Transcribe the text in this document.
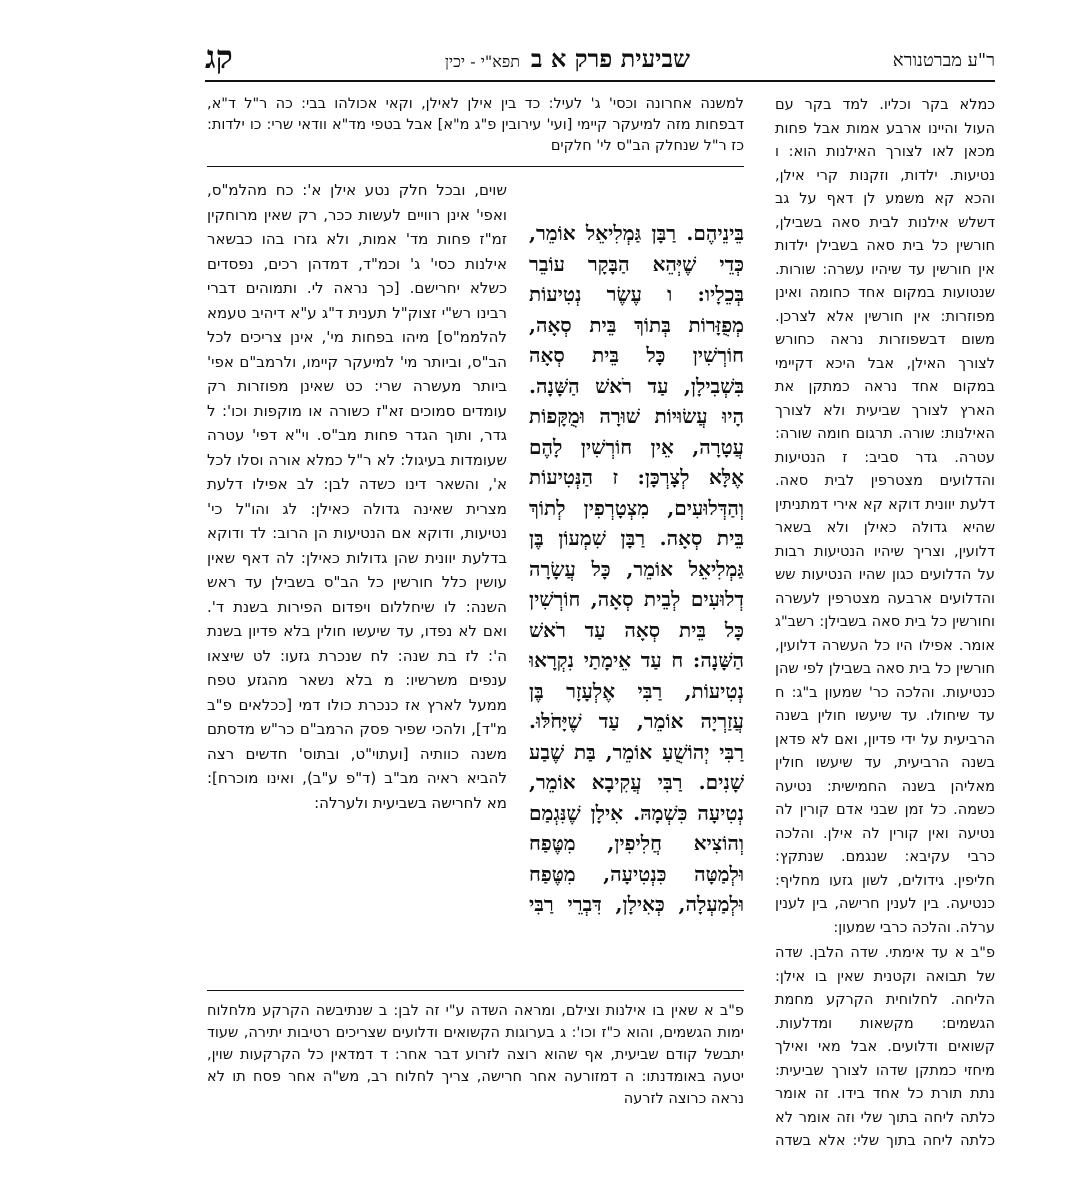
ר"ע מברטנורא
שביעית פרק א ב
תפא"י - יכין
קג
למשנה אחרונה וכסי' ג' לעיל: כד בין אילן לאילן, וקאי אכולהו בבי: כה ר"ל ד"א, דבפחות מזה למיעקר קיימי [ועי' עירובין פ"ג מ"א] אבל בטפי מד"א וודאי שרי: כו ילדות: כז ר"ל שנחלק הב"ס לי' חלקים

כמלא בקר וכליו. למד בקר עם העול והיינו ארבע אמות אבל פחות מכאן לאו לצורך האילנות הוא: ו נטיעות. ילדות, וזקנות קרי אילן, והכא קא משמע לן דאף על גב דשלש אילנות לבית סאה בשבילן, חורשין כל בית סאה בשבילן ילדות אין חורשין עד שיהיו עשרה: שורות. שנטועות במקום אחד כחומה ואינן מפוזרות: אין חורשין אלא לצרכן. משום דבשפוזרות נראה כחורש לצורך האילן, אבל היכא דקיימי במקום אחד נראה כמתקן את הארץ לצורך שביעית ולא לצורך האילנות: שורה. תרגום חומה שורה: עטרה. גדר סביב: ז הנטיעות והדלועים מצטרפין לבית סאה. דלעת יוונית דוקא קא אירי דמתניתין שהיא גדולה כאילן ולא בשאר דלועין, וצריך שיהיו הנטיעות רבות על הדלועים כגון שהיו הנטיעות שש והדלועים ארבעה מצטרפין לעשרה וחורשין כל בית סאה בשבילן: רשב"ג אומר. אפילו היו כל העשרה דלועין, חורשין כל בית סאה בשבילן לפי שהן כנטיעות. והלכה כר' שמעון ב"ג: ח עד שיחולו. עד שיעשו חולין בשנה הרביעית על ידי פדיון, ואם לא פדאן בשנה הרביעית, עד שיעשו חולין מאליהן בשנה החמישית: נטיעה כשמה. כל זמן שבני אדם קורין לה נטיעה ואין קורין לה אילן. והלכה כרבי עקיבא: שנגמם. שנתקץ: חליפין. גידולים, לשון גזעו מחליף: כנטיעה. בין לענין חרישה, בין לענין ערלה. והלכה כרבי שמעון:

פ"ב א עד אימתי. שדה הלבן. שדה של תבואה וקטנית שאין בו אילן: הליחה. לחלוחית הקרקע מחמת הגשמים: מקשאות ומדלעות. קשואים ודלועים. אבל מאי ואילך מיחזי כמתקן שדהו לצורך שביעית: נתת תורת כל אחד בידו. זה אומר כלתה ליחה בתוך שלי וזה אומר לא כלתה ליחה בתוך שלי: אלא בשדה

בֵּינֵיהֶם. רַבָּן גַּמְלִיאֵל אוֹמֵר, כְּדֵי שֶׁיְּהֵא הַבָּקָר עוֹבֵר בְּכֵלָיו: ו עֶשֶׂר נְטִיעוֹת מְפֻזָּרוֹת בְּתוֹךְ בֵּית סְאָה, חוֹרְשִׁין כָּל בֵּית סְאָה בִּשְׁבִילָן, עַד רֹאשׁ הַשָּׁנָה. הָיוּ עֲשׂוּיוֹת שׁוּרָה וּמֻקָּפוֹת עֲטָרָה, אֵין חוֹרְשִׁין לָהֶם אֶלָּא לְצָרְכָּן: ז הַנְּטִיעוֹת וְהַדְּלוּעִים, מִצְטָרְפִין לְתוֹךְ בֵּית סְאָה. רַבָּן שִׁמְעוֹן בֶּן גַּמְלִיאֵל אוֹמֵר, כָּל עֲשָׂרָה דְלוּעִים לְבֵית סְאָה, חוֹרְשִׁין כָּל בֵּית סְאָה עַד רֹאשׁ הַשָּׁנָה: ח עַד אֵימָתַי נִקְרָאוּ נְטִיעוֹת, רַבִּי אֶלְעָזָר בֶּן עֲזַרְיָה אוֹמֵר, עַד שֶׁיָּחֹלּוּ. רַבִּי יְהוֹשֻׁעַ אוֹמֵר, בַּת שֶׁבַע שָׁנִים. רַבִּי עֲקִיבָא אוֹמֵר, נְטִיעָה כִּשְׁמָהּ. אִילָן שֶׁנִּגְמַם וְהוֹצִיא חֲלִיפִין, מִטֶּפַח וּלְמַטָּה כִּנְטִיעָה, מִטֶּפַח וּלְמַעְלָה, כְּאִילָן, דִּבְרֵי רַבִּי

שוים, ובכל חלק נטע אילן א': כח מהלמ"ס, ואפי' אינן רוויים לעשות ככר, רק שאין מרוחקין זמ"ז פחות מד' אמות, ולא גזרו בהו כבשאר אילנות כסי' ג' וכמ"ד, דמדהן רכים, נפסדים כשלא יחרישם. [כך נראה לי. ותמוהים דברי רבינו רש"י זצוק"ל תענית ד"ג ע"א דיהיב טעמא להלממ"ס] מיהו בפחות מי', אינן צריכים לכל הב"ס, וביותר מי' למיעקר קיימו, ולרמב"ם אפי' ביותר מעשרה שרי: כט שאינן מפוזרות רק עומדים סמוכים זא"ז כשורה או מוקפות וכו': ל גדר, ותוך הגדר פחות מב"ס. וי"א דפי' עטרה שעומדות בעיגול: לא ר"ל כמלא אורה וסלו לכל א', והשאר דינו כשדה לבן: לב אפילו דלעת מצרית שאינה גדולה כאילן: לג והו"ל כי' נטיעות, ודוקא אם הנטיעות הן הרוב: לד ודוקא בדלעת יוונית שהן גדולות כאילן: לה דאף שאין עושין כלל חורשין כל הב"ס בשבילן עד ראש השנה: לו שיחללום ויפדום הפירות בשנת ד'. ואם לא נפדו, עד שיעשו חולין בלא פדיון בשנת ה': לז בת שנה: לח שנכרת גזעו: לט שיצאו ענפים משרשיו: מ בלא נשאר מהגזע טפח ממעל לארץ אז כנכרת כולו דמי [ככלאים פ"ב מ"ד], ולהכי שפיר פסק הרמב"ם כר"ש מדסתם משנה כוותיה [ועתוי"ט, ובתוס' חדשים רצה להביא ראיה מב"ב (ד"פ ע"ב), ואינו מוכרח]: מא לחרישה בשביעית ולערלה:

פ"ב א שאין בו אילנות וצילם, ומראה השדה ע"י זה לבן: ב שנתיבשה הקרקע מלחלוח ימות הגשמים, והוא כ"ז וכו': ג בערוגות הקשואים ודלועים שצריכים רטיבות יתירה, שעוד יתבשל קודם שביעית, אף שהוא רוצה לזרוע דבר אחר: ד דמדאין כל הקרקעות שוין, יטעה באומדנתו: ה דמזורעה אחר חרישה, צריך לחלוח רב, מש"ה אחר פסח תו לא נראה כרוצה לזרעה
